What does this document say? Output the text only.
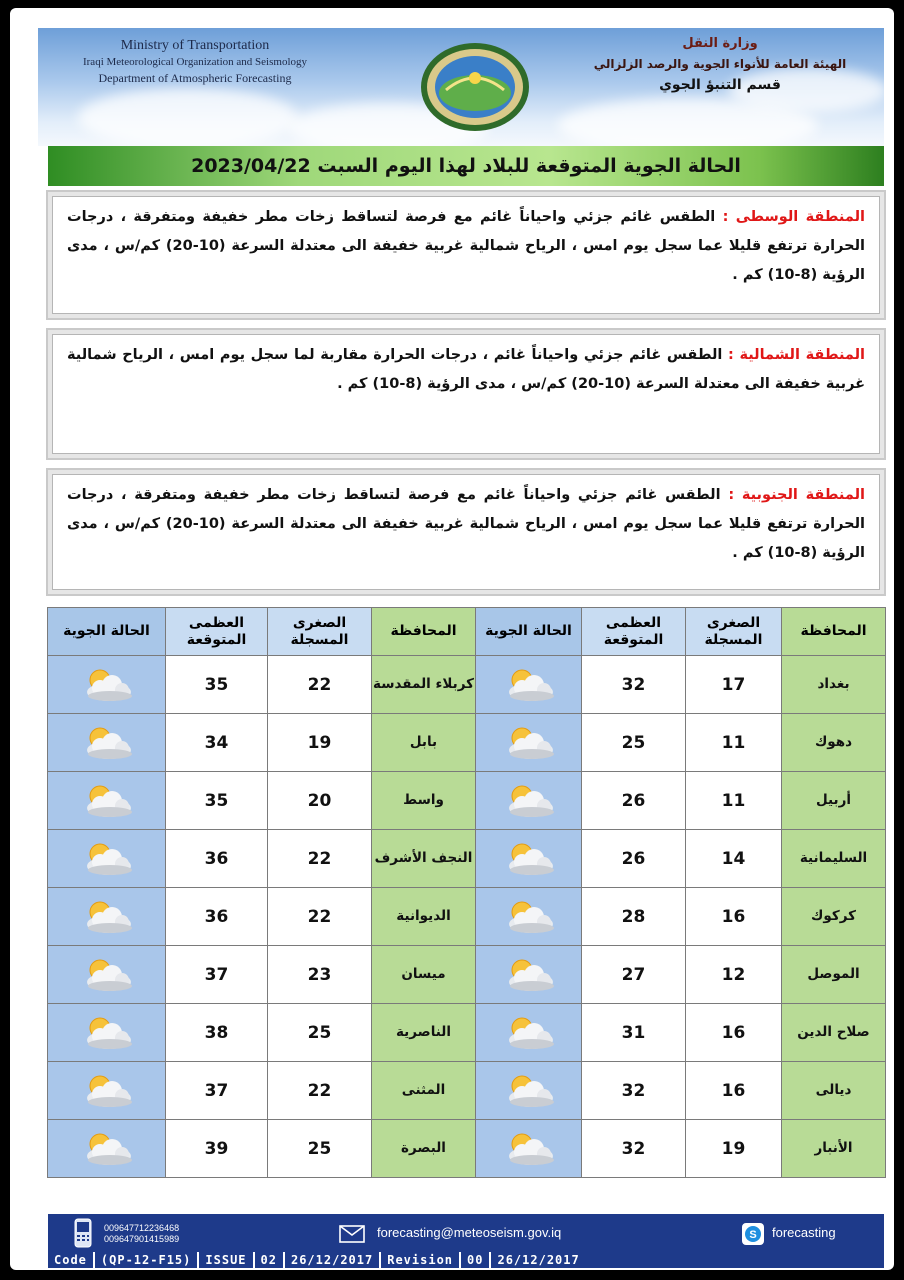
Ministry of Transportation
Iraqi Meteorological Organization and Seismology
Department of Atmospheric Forecasting
وزارة النقل
الهيئة العامة للأنواء الجوية والرصد الزلزالي
قسم التنبؤ الجوي
الحالة الجوية المتوقعة للبلاد لهذا اليوم السبت 2023/04/22
المنطقة الوسطى : الطقس غائم جزئي واحياناً غائم مع فرصة لتساقط زخات مطر خفيفة ومتفرقة ، درجات الحرارة ترتفع قليلا عما سجل يوم امس ، الرياح شمالية غربية خفيفة الى معتدلة السرعة (10-20) كم/س ، مدى الرؤية (8-10) كم .
المنطقة الشمالية : الطقس غائم جزئي واحياناً غائم ، درجات الحرارة مقاربة لما سجل يوم امس ، الرياح شمالية غربية خفيفة الى معتدلة السرعة (10-20) كم/س ، مدى الرؤية (8-10) كم .
المنطقة الجنوبية : الطقس غائم جزئي واحياناً غائم مع فرصة لتساقط زخات مطر خفيفة ومتفرقة ، درجات الحرارة ترتفع قليلا عما سجل يوم امس ، الرياح شمالية غربية خفيفة الى معتدلة السرعة (10-20) كم/س ، مدى الرؤية (8-10) كم .
المحافظة	الصغرى المسجلة	العظمى المتوقعة	الحالة الجوية	المحافظة	الصغرى المسجلة	العظمى المتوقعة	الحالة الجوية
بغداد	17	32		كربلاء المقدسة	22	35	
دهوك	11	25		بابل	19	34	
أربيل	11	26		واسط	20	35	
السليمانية	14	26		النجف الأشرف	22	36	
كركوك	16	28		الديوانية	22	36	
الموصل	12	27		ميسان	23	37	
صلاح الدين	16	31		الناصرية	25	38	
ديالى	16	32		المثنى	22	37	
الأنبار	19	32		البصرة	25	39	
009647712236468
009647901415989	forecasting@meteoseism.gov.iq	S forecasting
Code	(QP-12-F15)	ISSUE	02	26/12/2017	Revision	00	26/12/2017
